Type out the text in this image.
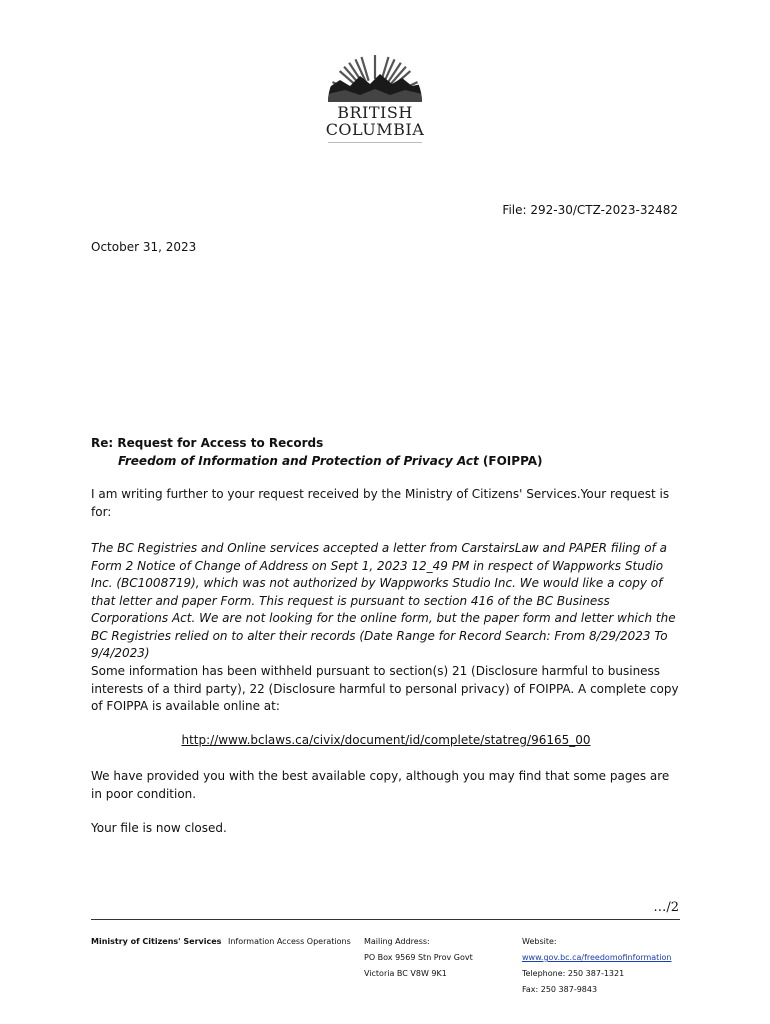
BRITISH
COLUMBIA
File: 292-30/CTZ-2023-32482
October 31, 2023
Re: Request for Access to Records
Freedom of Information and Protection of Privacy Act (FOIPPA)
I am writing further to your request received by the Ministry of Citizens' Services.Your request is for:
The BC Registries and Online services accepted a letter from CarstairsLaw and PAPER filing of a Form 2 Notice of Change of Address on Sept 1, 2023 12_49 PM in respect of Wappworks Studio Inc. (BC1008719), which was not authorized by Wappworks Studio Inc. We would like a copy of that letter and paper Form. This request is pursuant to section 416 of the BC Business Corporations Act. We are not looking for the online form, but the paper form and letter which the BC Registries relied on to alter their records (Date Range for Record Search: From 8/29/2023 To 9/4/2023)
Some information has been withheld pursuant to section(s) 21 (Disclosure harmful to business interests of a third party), 22 (Disclosure harmful to personal privacy) of FOIPPA. A complete copy of FOIPPA is available online at:
http://www.bclaws.ca/civix/document/id/complete/statreg/96165_00
We have provided you with the best available copy, although you may find that some pages are in poor condition.
Your file is now closed.
…/2
Ministry of Citizens' Services Information Access Operations Mailing Address:
PO Box 9569 Stn Prov Govt
Victoria BC V8W 9K1
Website:
www.gov.bc.ca/freedomofinformation
Telephone: 250 387-1321
Fax: 250 387-9843
